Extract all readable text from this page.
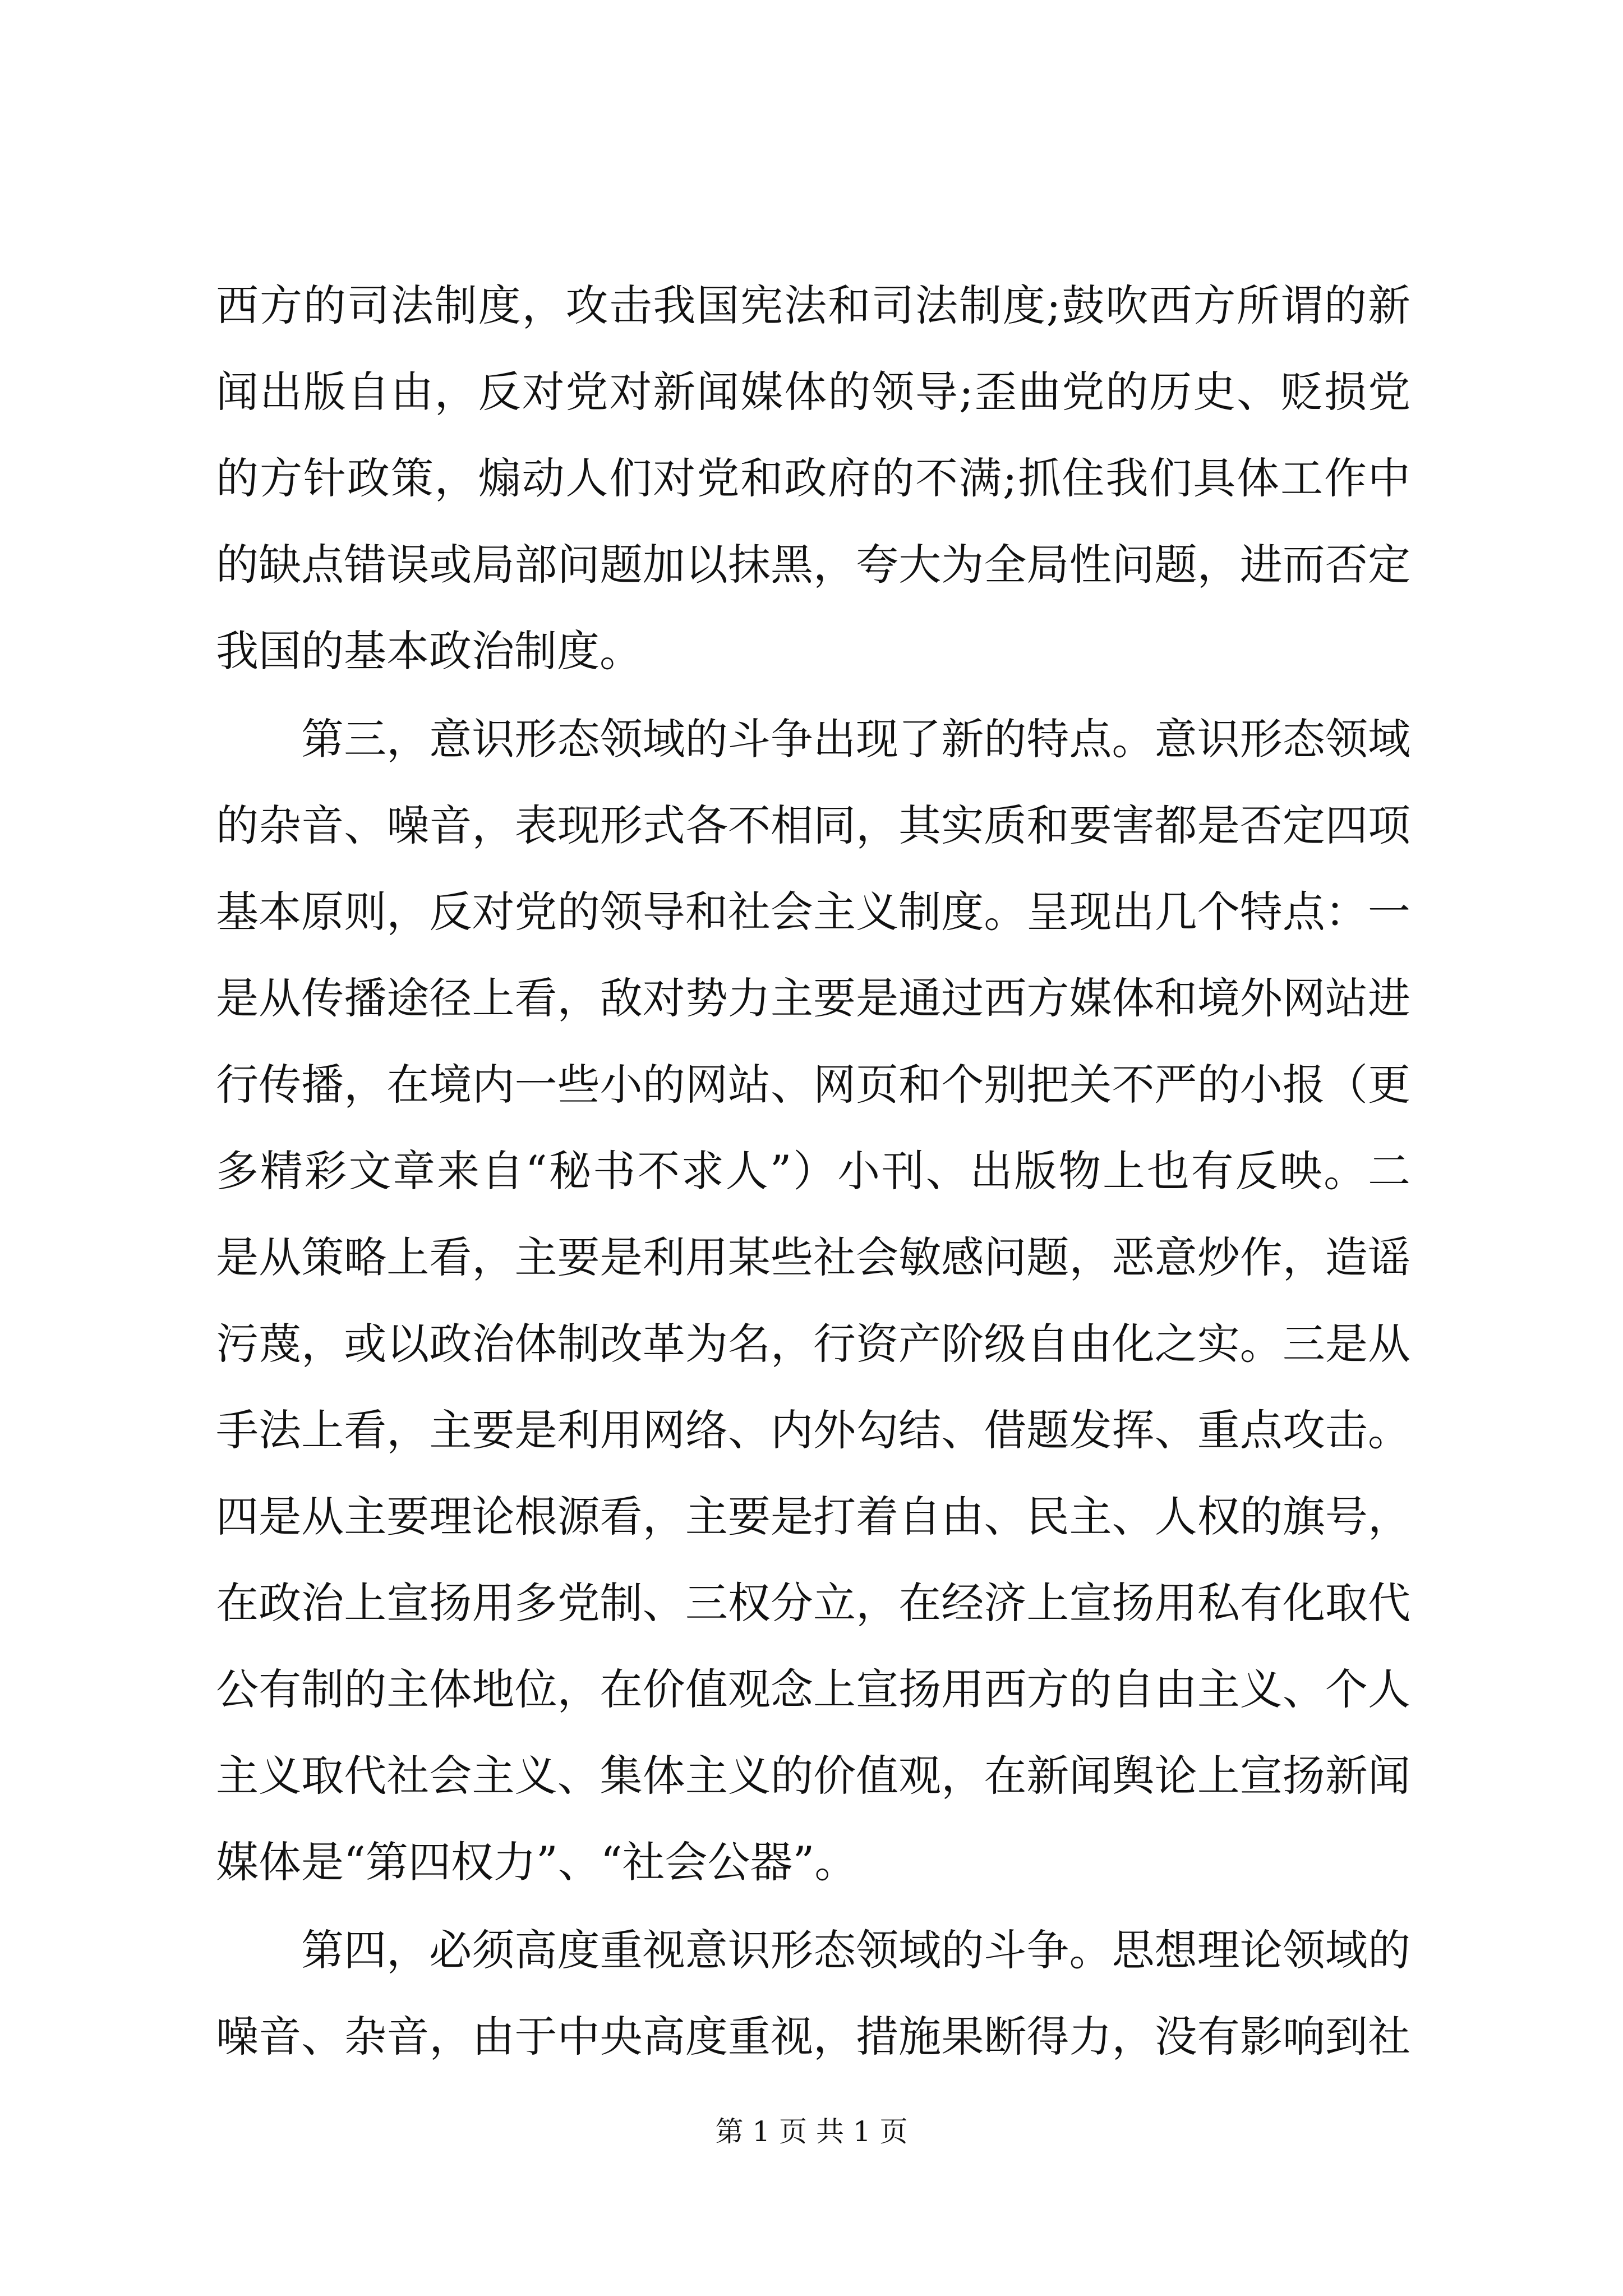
西方的司法制度，攻击我国宪法和司法制度;鼓吹西方所谓的新
闻出版自由，反对党对新闻媒体的领导;歪曲党的历史、贬损党
的方针政策，煽动人们对党和政府的不满;抓住我们具体工作中
的缺点错误或局部问题加以抹黑，夸大为全局性问题，进而否定
我国的基本政治制度。
第三，意识形态领域的斗争出现了新的特点。意识形态领域
的杂音、噪音，表现形式各不相同，其实质和要害都是否定四项
基本原则，反对党的领导和社会主义制度。呈现出几个特点：一
是从传播途径上看，敌对势力主要是通过西方媒体和境外网站进
行传播，在境内一些小的网站、网页和个别把关不严的小报（更
多精彩文章来自“秘书不求人”）小刊、出版物上也有反映。二
是从策略上看，主要是利用某些社会敏感问题，恶意炒作，造谣
污蔑，或以政治体制改革为名，行资产阶级自由化之实。三是从
手法上看，主要是利用网络、内外勾结、借题发挥、重点攻击。
四是从主要理论根源看，主要是打着自由、民主、人权的旗号，
在政治上宣扬用多党制、三权分立，在经济上宣扬用私有化取代
公有制的主体地位，在价值观念上宣扬用西方的自由主义、个人
主义取代社会主义、集体主义的价值观，在新闻舆论上宣扬新闻
媒体是“第四权力”、“社会公器”。
第四，必须高度重视意识形态领域的斗争。思想理论领域的
噪音、杂音，由于中央高度重视，措施果断得力，没有影响到社
第 1 页 共 1 页
